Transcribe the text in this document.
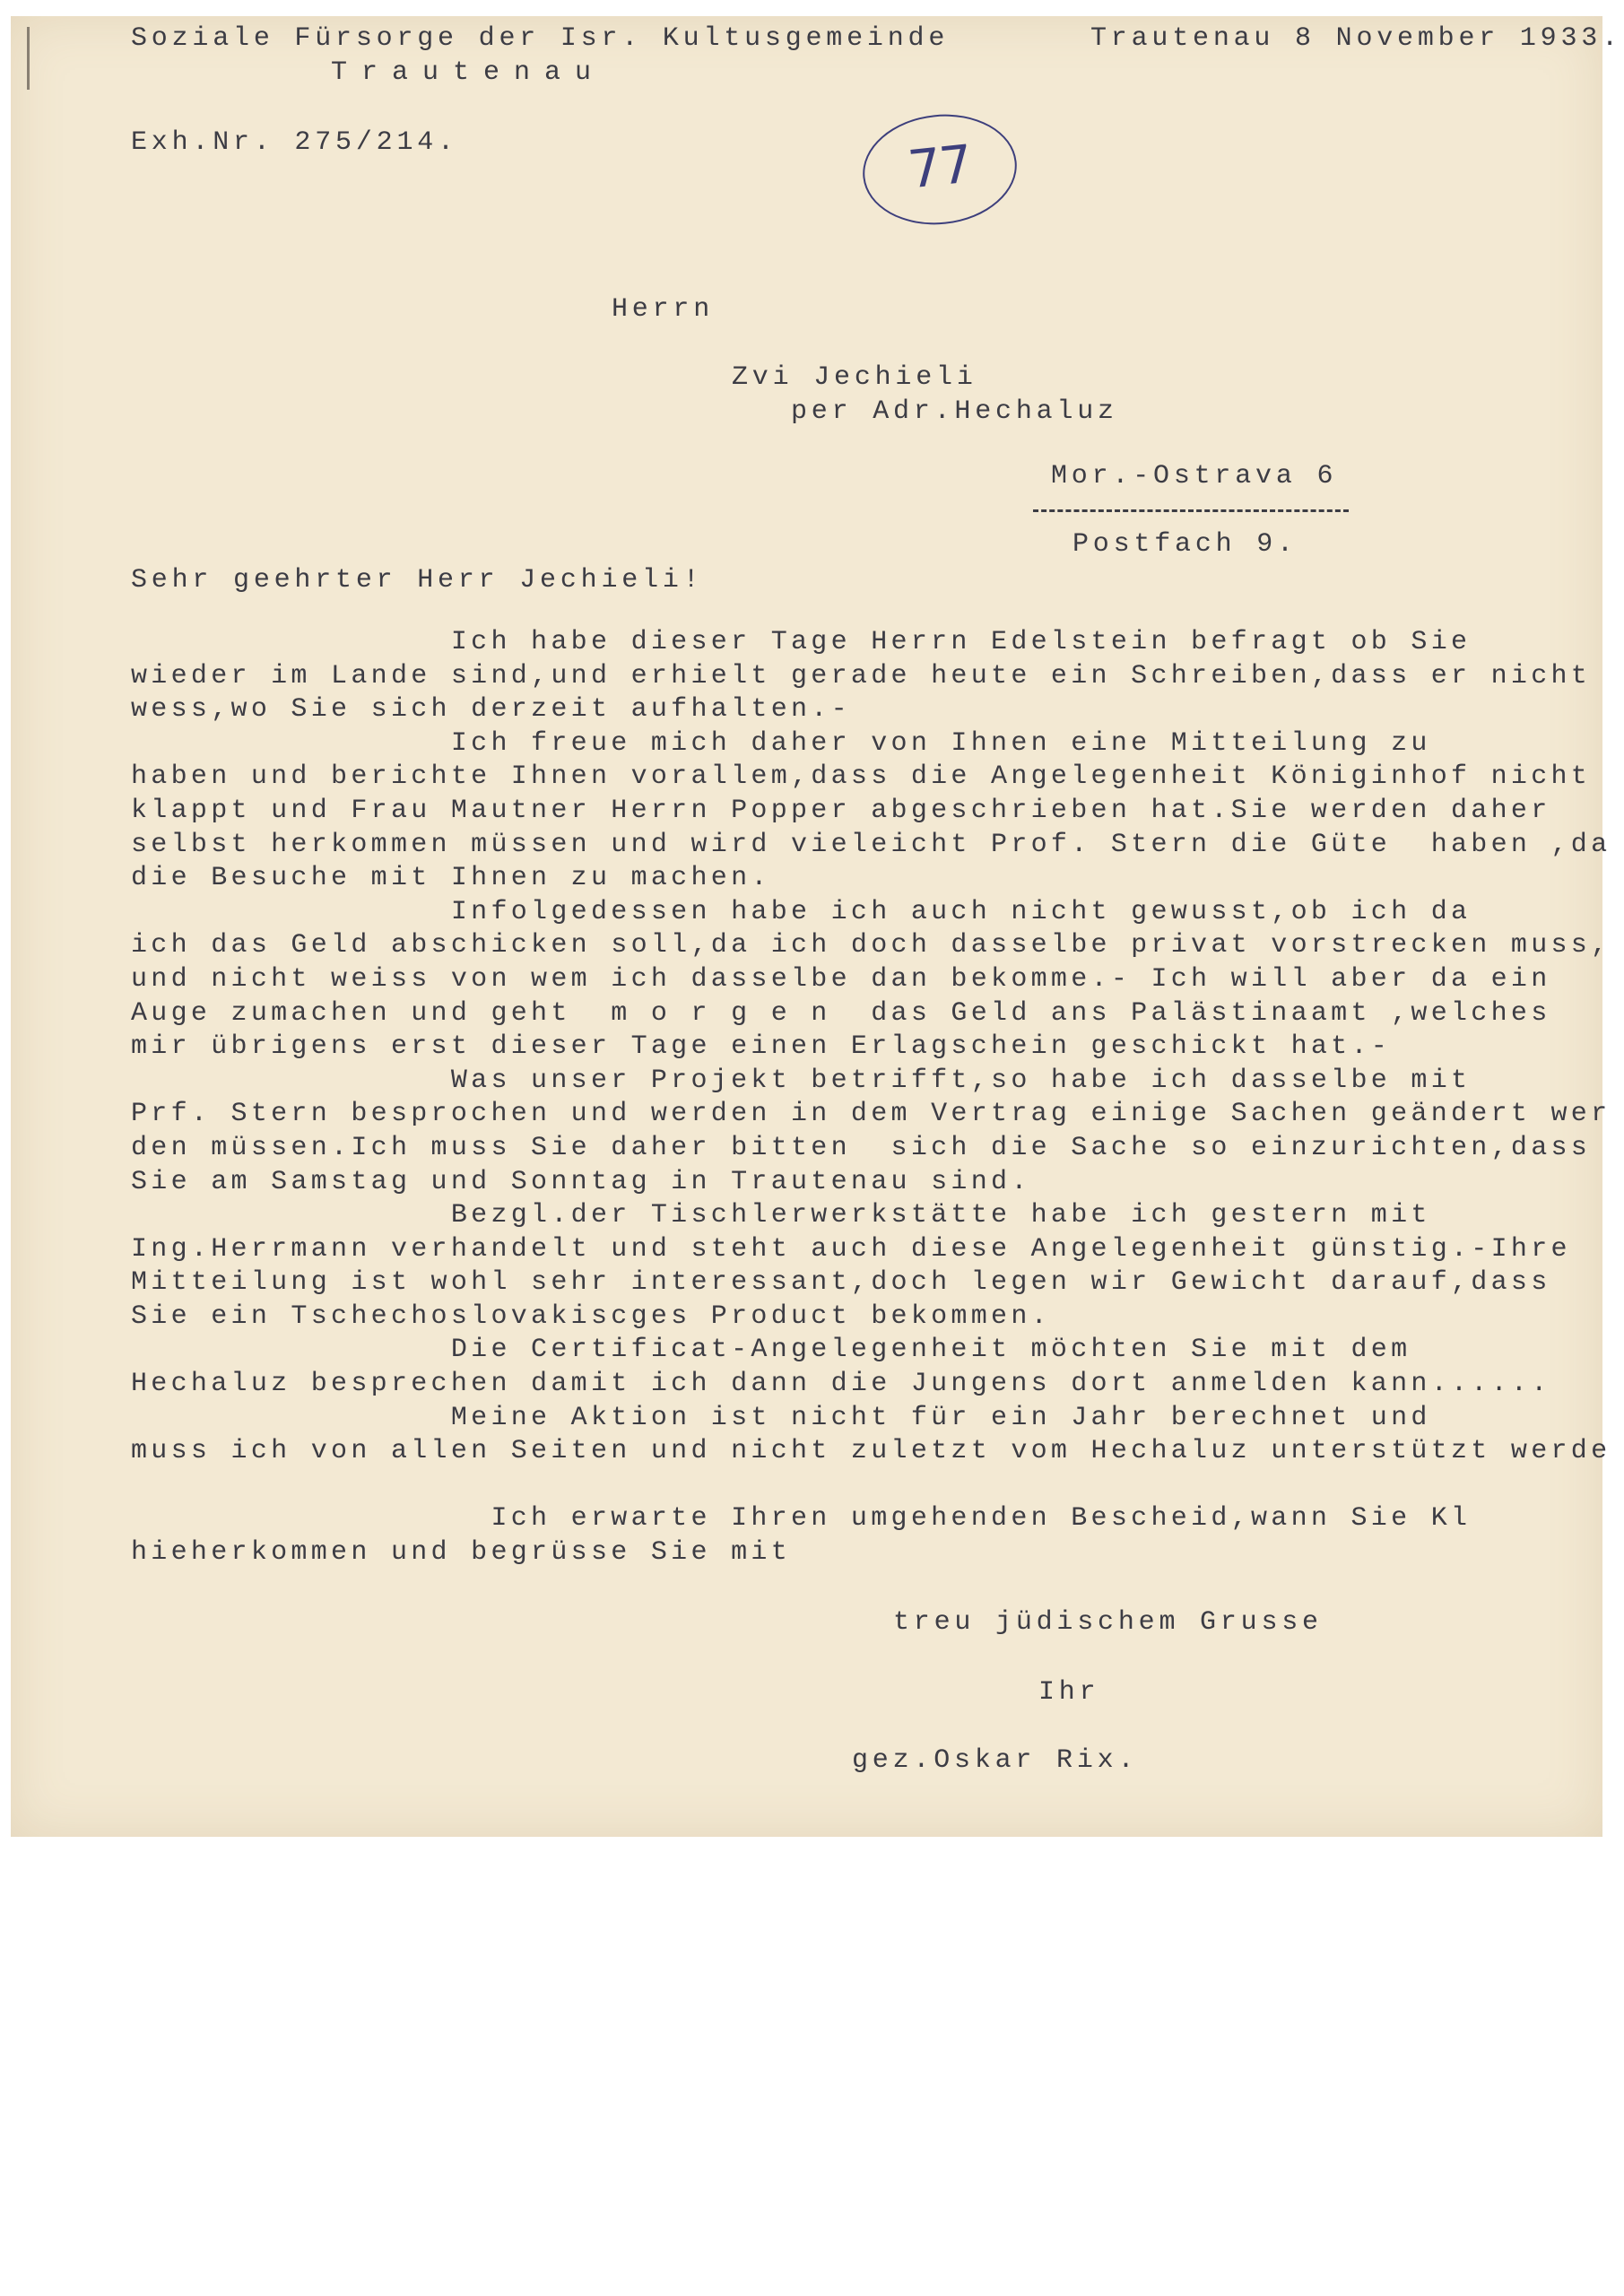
Soziale Fürsorge der Isr. Kultusgemeinde
Trautenau
Trautenau 8 November 1933.
Exh.Nr. 275/214.	77
Herrn
Zvi Jechieli
per Adr.Hechaluz
Mor.-Ostrava 6
Postfach 9.
Sehr geehrter Herr Jechieli!
Ich habe dieser Tage Herrn Edelstein befragt ob Sie
wieder im Lande sind,und erhielt gerade heute ein Schreiben,dass er nicht
wess,wo Sie sich derzeit aufhalten.-
Ich freue mich daher von Ihnen eine Mitteilung zu
haben und berichte Ihnen vorallem,dass die Angelegenheit Königinhof nicht
klappt und Frau Mautner Herrn Popper abgeschrieben hat.Sie werden daher
selbst herkommen müssen und wird vieleicht Prof. Stern die Güte  haben ,da
die Besuche mit Ihnen zu machen.
Infolgedessen habe ich auch nicht gewusst,ob ich da
ich das Geld abschicken soll,da ich doch dasselbe privat vorstrecken muss,
und nicht weiss von wem ich dasselbe dan bekomme.- Ich will aber da ein
Auge zumachen und geht  m o r g e n  das Geld ans Palästinaamt ,welches
mir übrigens erst dieser Tage einen Erlagschein geschickt hat.-
Was unser Projekt betrifft,so habe ich dasselbe mit
Prf. Stern besprochen und werden in dem Vertrag einige Sachen geändert wer
den müssen.Ich muss Sie daher bitten  sich die Sache so einzurichten,dass
Sie am Samstag und Sonntag in Trautenau sind.
Bezgl.der Tischlerwerkstätte habe ich gestern mit
Ing.Herrmann verhandelt und steht auch diese Angelegenheit günstig.-Ihre
Mitteilung ist wohl sehr interessant,doch legen wir Gewicht darauf,dass
Sie ein Tschechoslovakiscges Product bekommen.
Die Certificat-Angelegenheit möchten Sie mit dem
Hechaluz besprechen damit ich dann die Jungens dort anmelden kann......
Meine Aktion ist nicht für ein Jahr berechnet und
muss ich von allen Seiten und nicht zuletzt vom Hechaluz unterstützt werde
Ich erwarte Ihren umgehenden Bescheid,wann Sie Kl
hieherkommen und begrüsse Sie mit
treu jüdischem Grusse
Ihr
gez.Oskar Rix.
